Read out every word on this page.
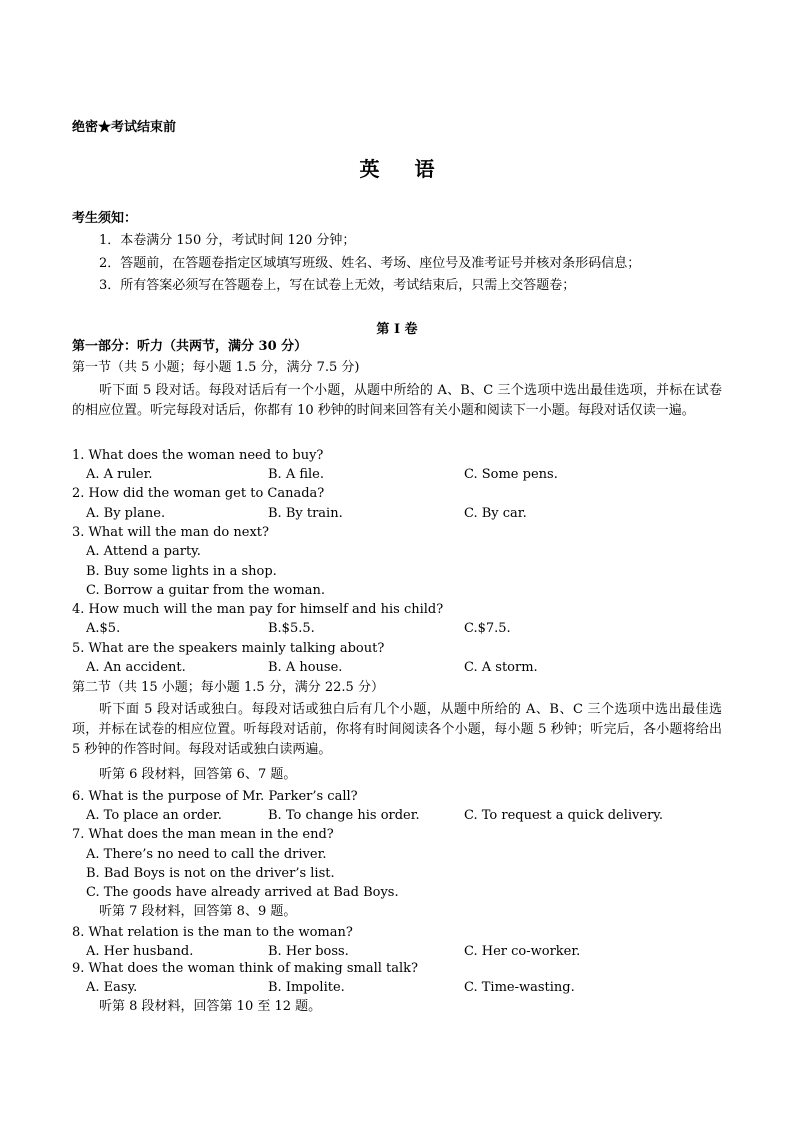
绝密★考试结束前
英 语
考生须知：
1．本卷满分 150 分，考试时间 120 分钟；
2．答题前，在答题卷指定区域填写班级、姓名、考场、座位号及准考证号并核对条形码信息；
3．所有答案必须写在答题卷上，写在试卷上无效，考试结束后，只需上交答题卷；
第 I 卷
第一部分：听力（共两节，满分 30 分）
第一节（共 5 小题；每小题 1.5 分，满分 7.5 分)
听下面 5 段对话。每段对话后有一个小题，从题中所给的 A、B、C 三个选项中选出最佳选项，并标在试卷的相应位置。听完每段对话后，你都有 10 秒钟的时间来回答有关小题和阅读下一小题。每段对话仅读一遍。
1. What does the woman need to buy?
A. A ruler.	B. A file.	C. Some pens.
2. How did the woman get to Canada?
A. By plane.	B. By train.	C. By car.
3. What will the man do next?
A. Attend a party.
B. Buy some lights in a shop.
C. Borrow a guitar from the woman.
4. How much will the man pay for himself and his child?
A.$5.	B.$5.5.	C.$7.5.
5. What are the speakers mainly talking about?
A. An accident.	B. A house.	C. A storm.
第二节（共 15 小题；每小题 1.5 分，满分 22.5 分）
听下面 5 段对话或独白。每段对话或独白后有几个小题，从题中所给的 A、B、C 三个选项中选出最佳选项，并标在试卷的相应位置。听每段对话前，你将有时间阅读各个小题，每小题 5 秒钟；听完后，各小题将给出 5 秒钟的作答时间。每段对话或独白读两遍。
听第 6 段材料，回答第 6、7 题。
6. What is the purpose of Mr. Parker’s call?
A. To place an order.	B. To change his order.	C. To request a quick delivery.
7. What does the man mean in the end?
A. There’s no need to call the driver.
B. Bad Boys is not on the driver’s list.
C. The goods have already arrived at Bad Boys.
听第 7 段材料，回答第 8、9 题。
8. What relation is the man to the woman?
A. Her husband.	B. Her boss.	C. Her co-worker.
9. What does the woman think of making small talk?
A. Easy.	B. Impolite.	C. Time-wasting.
听第 8 段材料，回答第 10 至 12 题。
